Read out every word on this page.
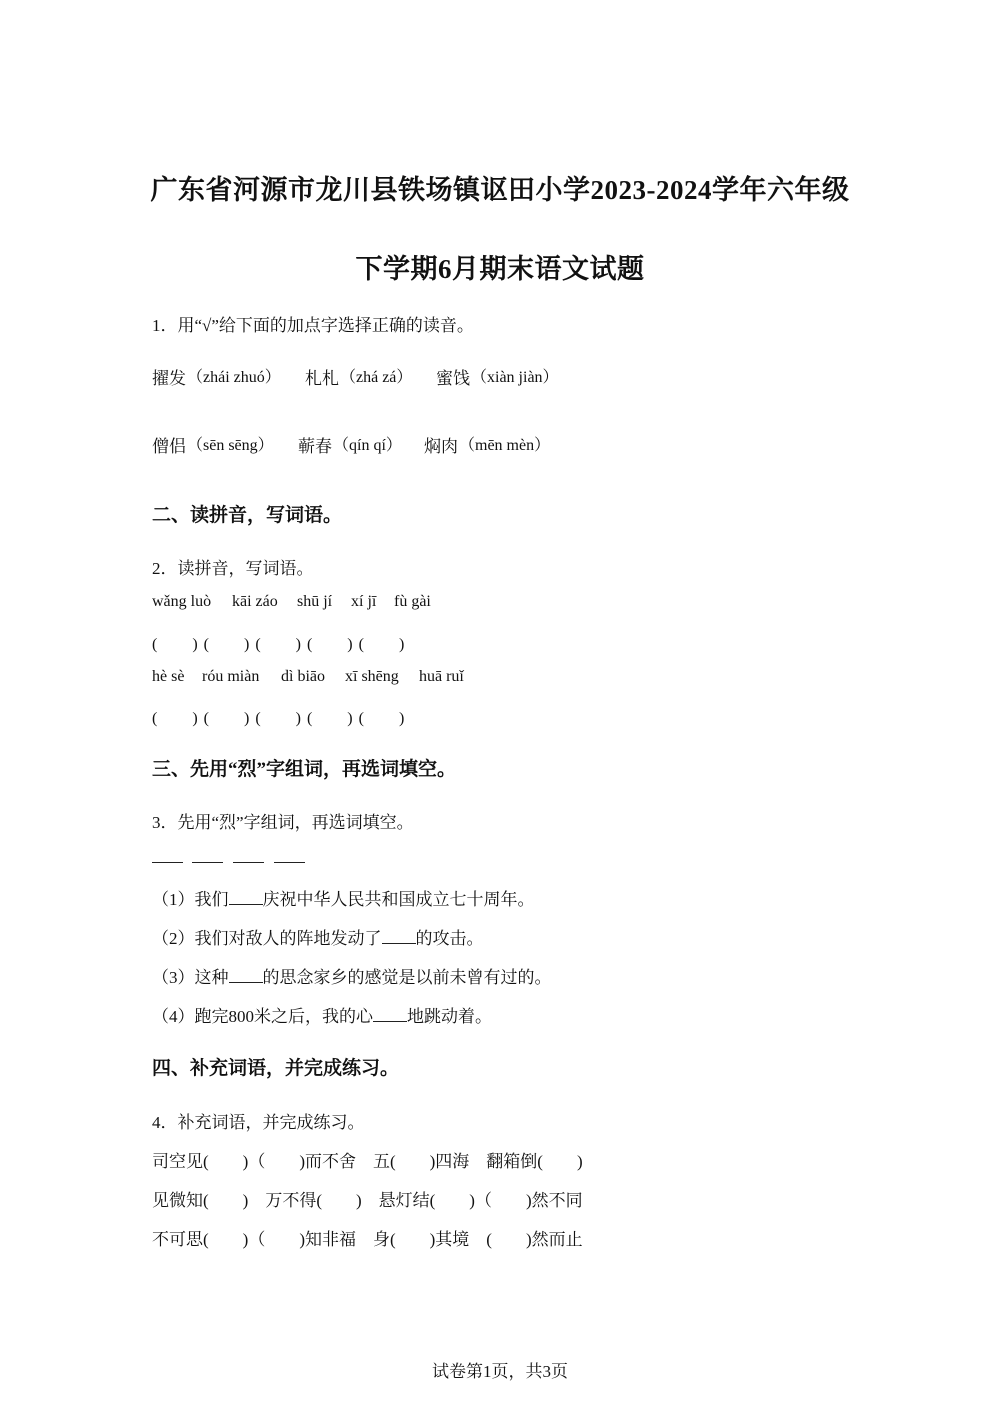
广东省河源市龙川县铁场镇讴田小学2023-2024学年六年级
下学期6月期末语文试题
1．用“√”给下面的加点字选择正确的读音。
擢发 （zhái zhuó） 札札 （zhá zá） 蜜饯 （xiàn jiàn）
僧侣 （sēn sēng） 蕲春 （qín qí） 焖肉 （mēn mèn）
二、读拼音，写词语。
2．读拼音，写词语。
wǎng luò kāi záo shū jí xí jī fù gài
(　　) (　　) (　　) (　　) (　　)
hè sè róu miàn dì biāo xī shēng huā ruǐ
(　　) (　　) (　　) (　　) (　　)
三、先用“烈”字组词，再选词填空。
3．先用“烈”字组词，再选词填空。
（1）我们 庆祝中华人民共和国成立七十周年。
（2）我们对敌人的阵地发动了 的攻击。
（3）这种 的思念家乡的感觉是以前未曾有过的。
（4）跑完800米之后，我的心 地跳动着。
四、补充词语，并完成练习。
4．补充词语，并完成练习。
司空见(　　)（　　)而不舍　五(　　)四海　翻箱倒(　　)
见微知(　　)　万不得(　　)　悬灯结(　　)（　　)然不同
不可思(　　)（　　)知非福　身(　　)其境　(　　)然而止
试卷第1页，共3页
